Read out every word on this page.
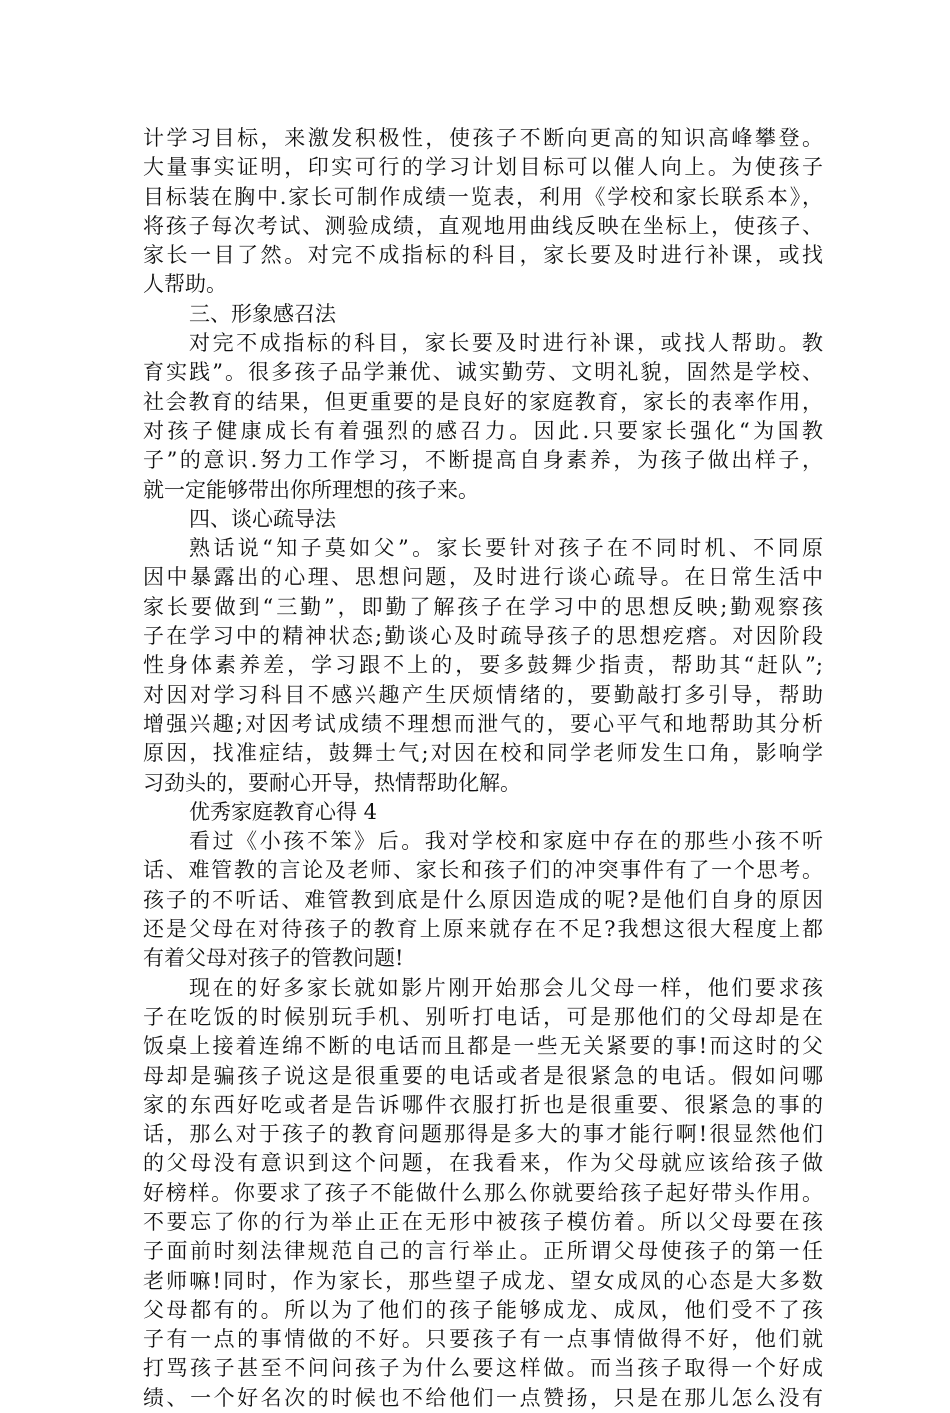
计学习目标，来激发积极性，使孩子不断向更高的知识高峰攀登。
大量事实证明，印实可行的学习计划目标可以催人向上。为使孩子
目标装在胸中.家长可制作成绩一览表，利用《学校和家长联系本》，
将孩子每次考试、测验成绩，直观地用曲线反映在坐标上，使孩子、
家长一目了然。对完不成指标的科目，家长要及时进行补课，或找
人帮助。
三、形象感召法
对完不成指标的科目，家长要及时进行补课，或找人帮助。教
育实践”。很多孩子品学兼优、诚实勤劳、文明礼貌，固然是学校、
社会教育的结果，但更重要的是良好的家庭教育，家长的表率作用，
对孩子健康成长有着强烈的感召力。因此.只要家长强化“为国教
子”的意识.努力工作学习，不断提高自身素养，为孩子做出样子，
就一定能够带出你所理想的孩子来。
四、谈心疏导法
熟话说“知子莫如父”。家长要针对孩子在不同时机、不同原
因中暴露出的心理、思想问题，及时进行谈心疏导。在日常生活中
家长要做到“三勤”，即勤了解孩子在学习中的思想反映;勤观察孩
子在学习中的精神状态;勤谈心及时疏导孩子的思想疙瘩。对因阶段
性身体素养差，学习跟不上的，要多鼓舞少指责，帮助其“赶队”;
对因对学习科目不感兴趣产生厌烦情绪的，要勤敲打多引导，帮助
增强兴趣;对因考试成绩不理想而泄气的，要心平气和地帮助其分析
原因，找准症结，鼓舞士气;对因在校和同学老师发生口角，影响学
习劲头的，要耐心开导，热情帮助化解。
优秀家庭教育心得 4
看过《小孩不笨》后。我对学校和家庭中存在的那些小孩不听
话、难管教的言论及老师、家长和孩子们的冲突事件有了一个思考。
孩子的不听话、难管教到底是什么原因造成的呢?是他们自身的原因
还是父母在对待孩子的教育上原来就存在不足?我想这很大程度上都
有着父母对孩子的管教问题!
现在的好多家长就如影片刚开始那会儿父母一样，他们要求孩
子在吃饭的时候别玩手机、别听打电话，可是那他们的父母却是在
饭桌上接着连绵不断的电话而且都是一些无关紧要的事!而这时的父
母却是骗孩子说这是很重要的电话或者是很紧急的电话。假如问哪
家的东西好吃或者是告诉哪件衣服打折也是很重要、很紧急的事的
话，那么对于孩子的教育问题那得是多大的事才能行啊!很显然他们
的父母没有意识到这个问题，在我看来，作为父母就应该给孩子做
好榜样。你要求了孩子不能做什么那么你就要给孩子起好带头作用。
不要忘了你的行为举止正在无形中被孩子模仿着。所以父母要在孩
子面前时刻法律规范自己的言行举止。正所谓父母使孩子的第一任
老师嘛!同时，作为家长，那些望子成龙、望女成凤的心态是大多数
父母都有的。所以为了他们的孩子能够成龙、成凤，他们受不了孩
子有一点的事情做的不好。只要孩子有一点事情做得不好，他们就
打骂孩子甚至不问问孩子为什么要这样做。而当孩子取得一个好成
绩、一个好名次的时候也不给他们一点赞扬，只是在那儿怎么没有
